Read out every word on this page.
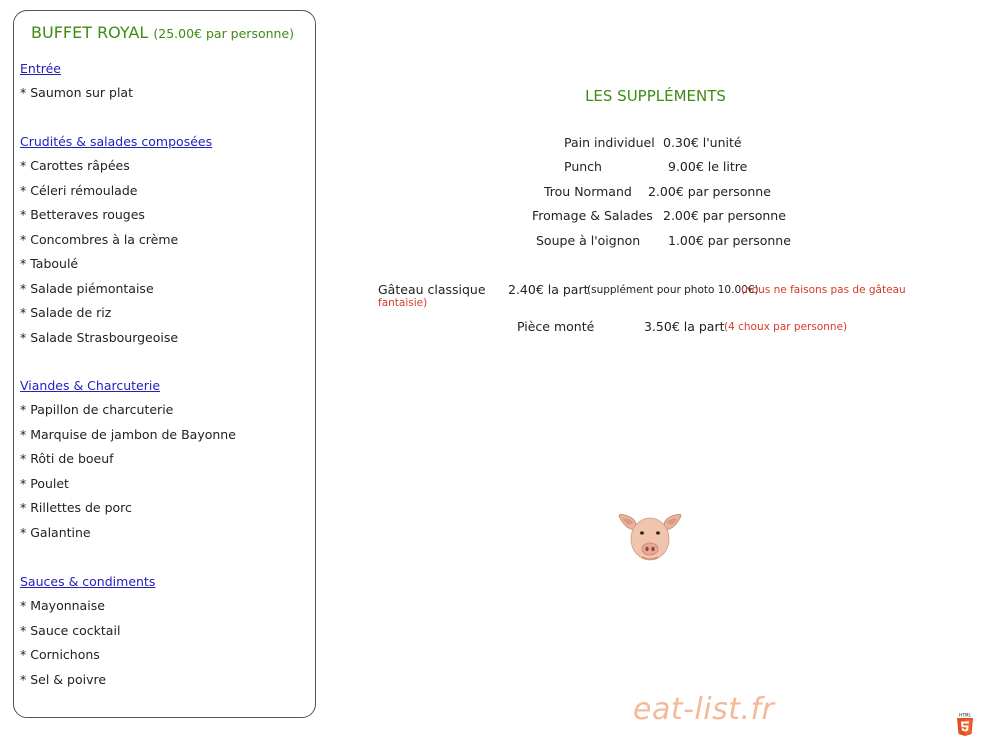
BUFFET ROYAL (25.00€ par personne)
Entrée
* Saumon sur plat
Crudités & salades composées
* Carottes râpées
* Céleri rémoulade
* Betteraves rouges
* Concombres à la crème
* Taboulé
* Salade piémontaise
* Salade de riz
* Salade Strasbourgeoise
Viandes & Charcuterie
* Papillon de charcuterie
* Marquise de jambon de Bayonne
* Rôti de boeuf
* Poulet
* Rillettes de porc
* Galantine
Sauces & condiments
* Mayonnaise
* Sauce cocktail
* Cornichons
* Sel & poivre
LES SUPPLÉMENTS
Pain individuel 0.30€ l'unité
Punch	9.00€ le litre
Trou Normand 2.00€ par personne
Fromage & Salades 2.00€ par personne
Soupe à l'oignon 1.00€ par personne
Gâteau classique 2.40€ la part
(supplément pour photo 10.00€)
(nous ne faisons pas de gâteau
fantaisie)
Pièce monté	3.50€ la part (4 choux par personne)
eat-list.fr	HTML
